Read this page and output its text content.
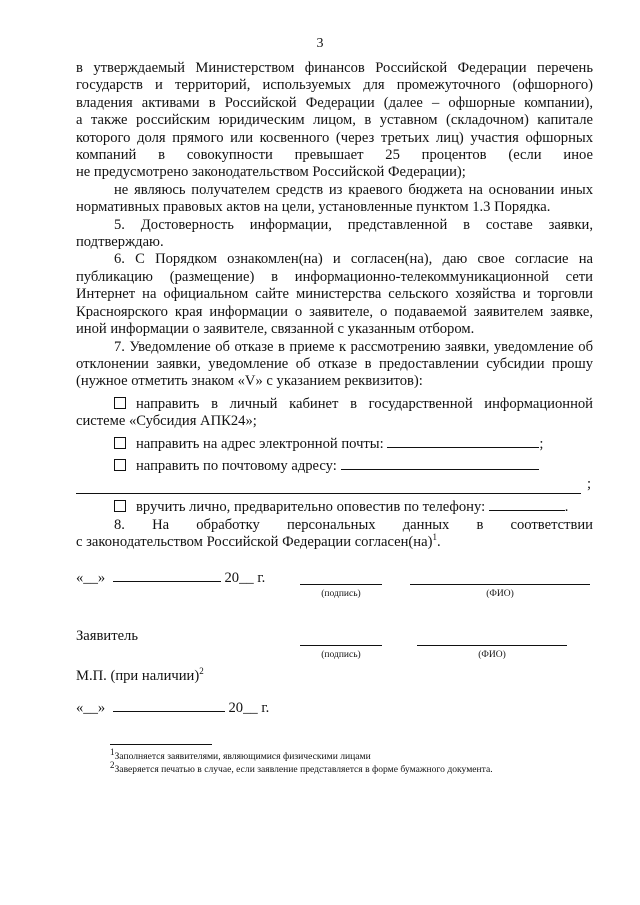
3

в утверждаемый Министерством финансов Российской Федерации перечень

государств и территорий, используемых для промежуточного (офшорного)

владения активами в Российской Федерации (далее – офшорные компании),

а также российским юридическим лицом, в уставном (складочном) капитале

которого доля прямого или косвенного (через третьих лиц) участия офшорных

компаний в совокупности превышает 25 процентов (если иное

не предусмотрено законодательством Российской Федерации);

не являюсь получателем средств из краевого бюджета на основании иных нормативных правовых актов на цели, установленные пунктом 1.3 Порядка.

5. Достоверность информации, представленной в составе заявки, подтверждаю.

6. С Порядком ознакомлен(на) и согласен(на), даю свое согласие на публикацию (размещение) в информационно-телекоммуникационной сети Интернет на официальном сайте министерства сельского хозяйства и торговли Красноярского края информации о заявителе, о подаваемой заявителем заявке, иной информации о заявителе, связанной с указанным отбором.

7. Уведомление об отказе в приеме к рассмотрению заявки, уведомление об отклонении заявки, уведомление об отказе в предоставлении субсидии прошу (нужное отметить знаком «V» с указанием реквизитов):

направить в личный кабинет в государственной информационной системе «Субсидия АПК24»;

направить на адрес электронной почты:	;

направить по почтовому адресу:

;

вручить лично, предварительно оповестив по телефону:	.

8. На обработку персональных данных в соответствии

с законодательством Российской Федерации согласен(на)$^1$.

«__»	20__ г.
(подпись)	(ФИО)
Заявитель
(подпись)	(ФИО)
М.П. (при наличии)$^2$
«__»	20__ г.
1Заполняется заявителями, являющимися физическими лицами
2Заверяется печатью в случае, если заявление представляется в форме бумажного документа.
